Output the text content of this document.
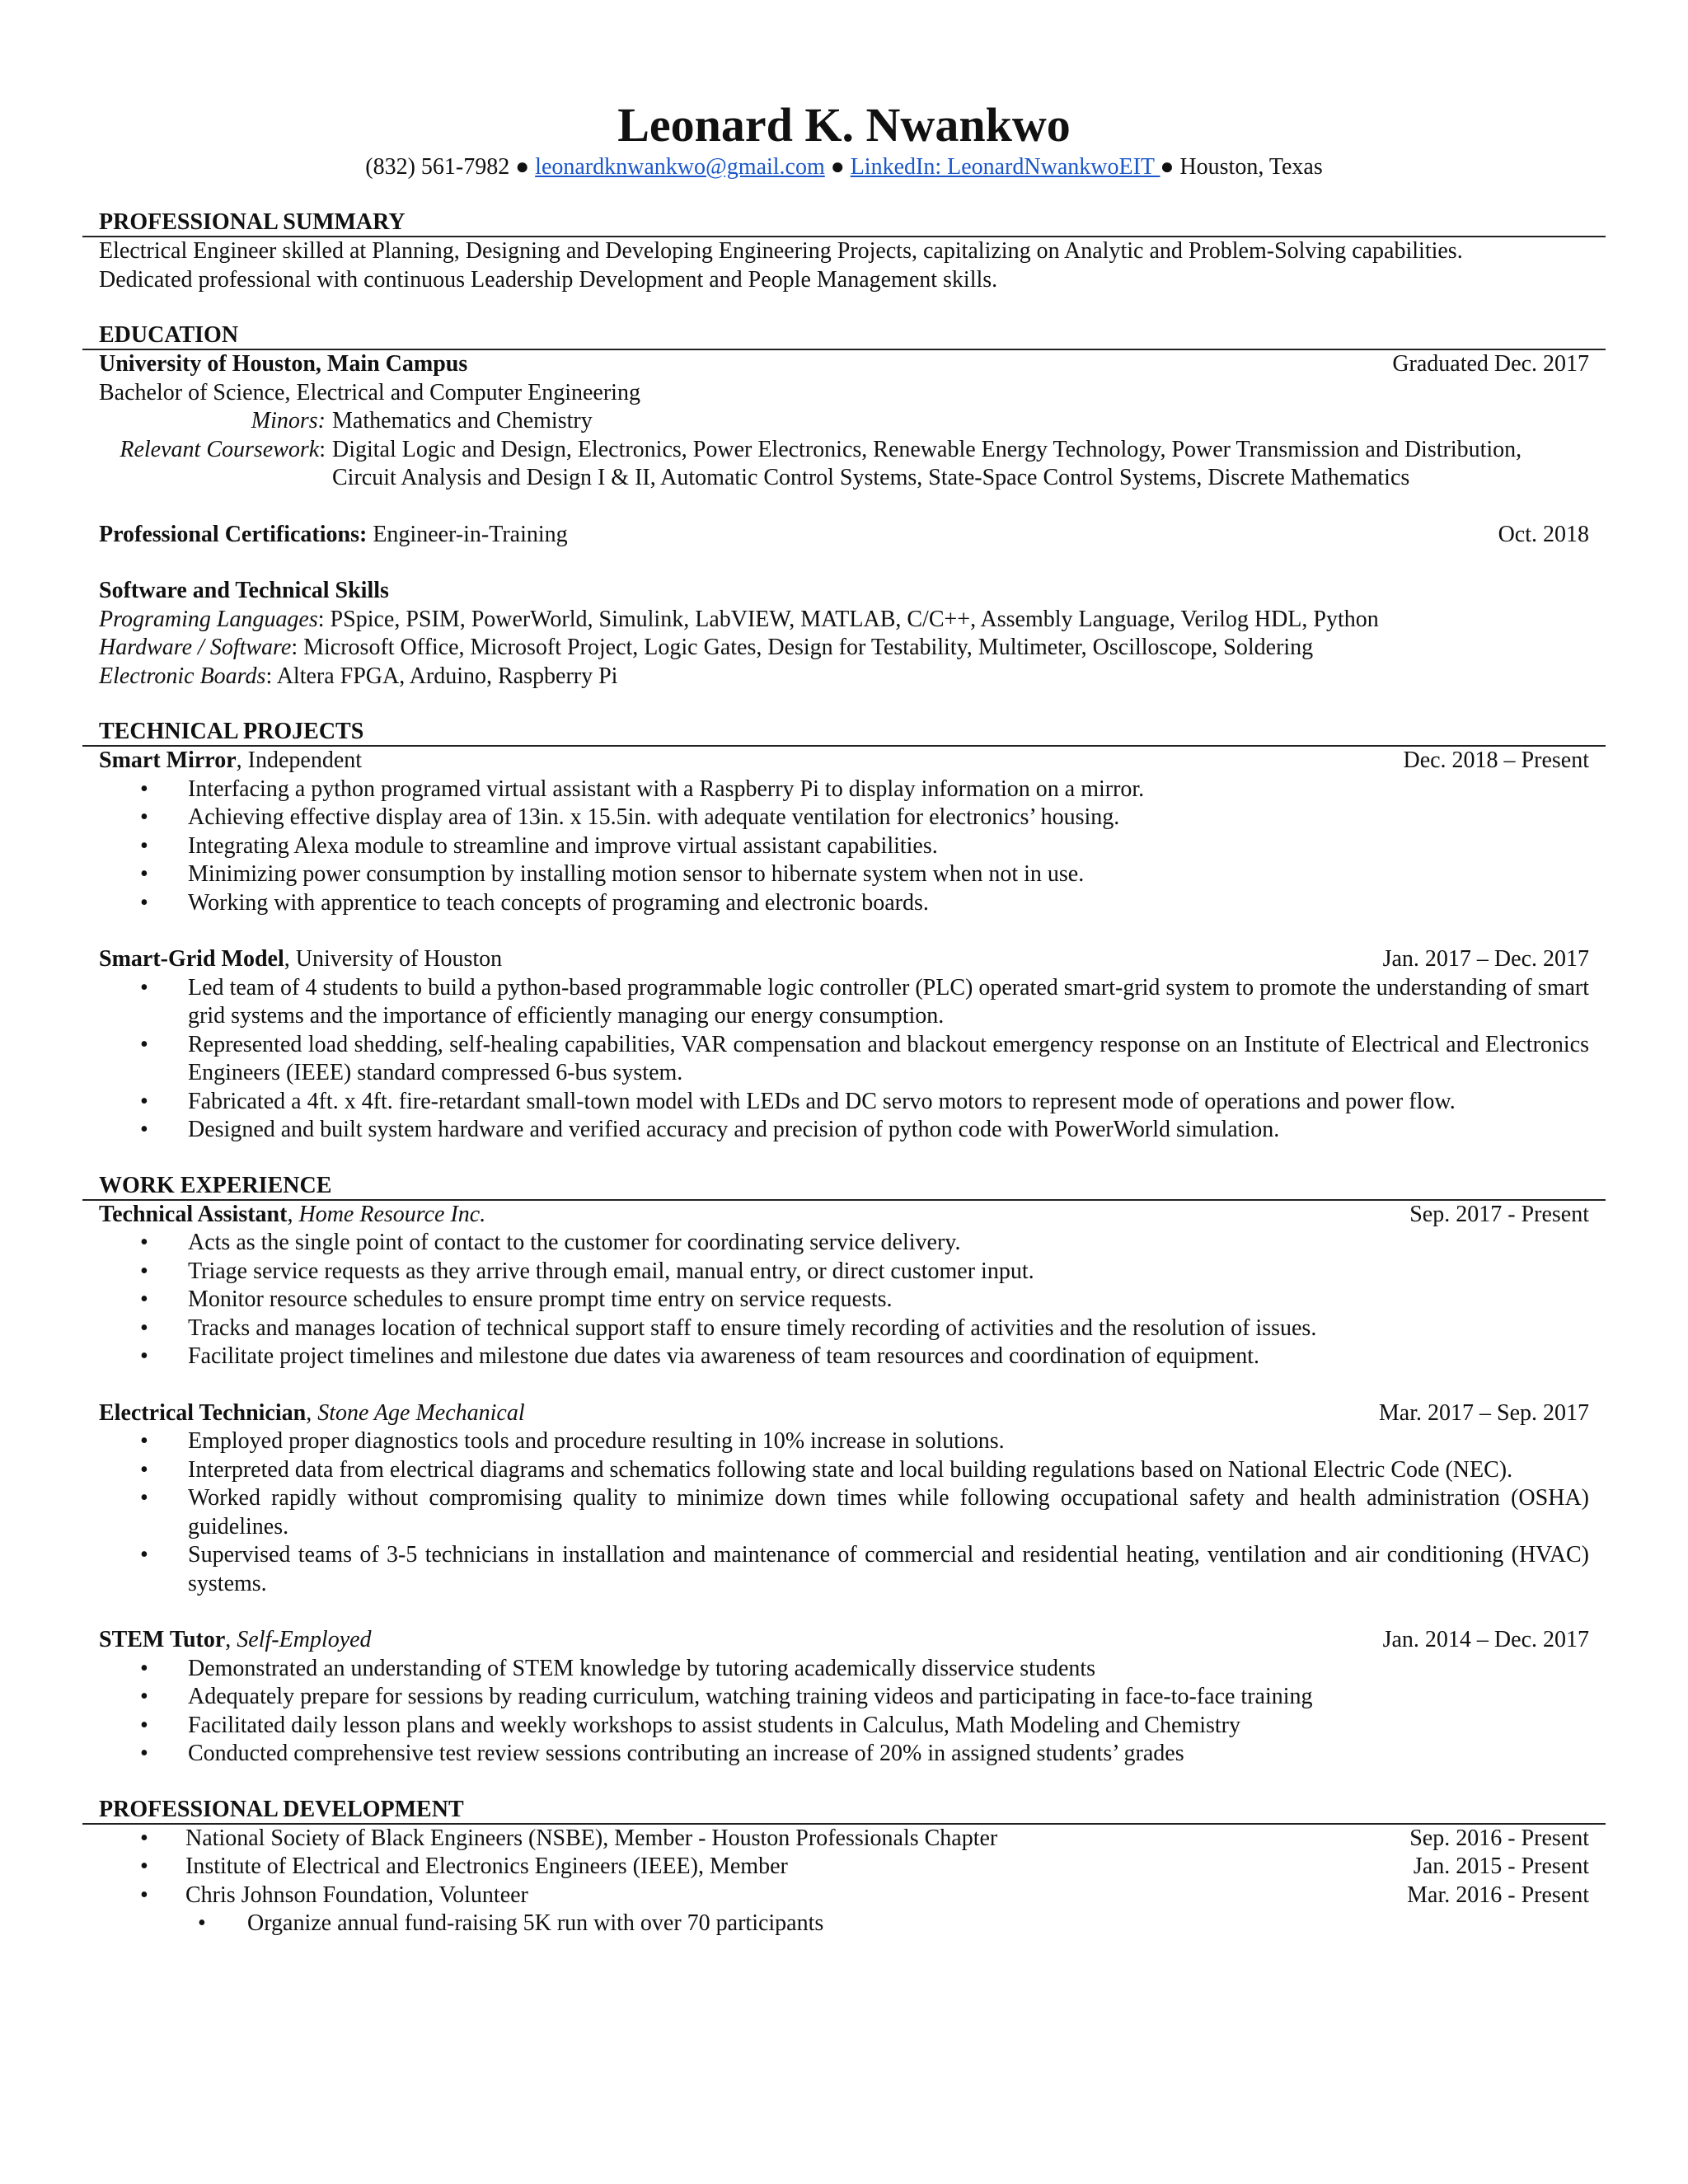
Leonard K. Nwankwo
(832) 561-7982 ● leonardknwankwo@gmail.com ● LinkedIn: LeonardNwankwoEIT ● Houston, Texas
PROFESSIONAL SUMMARY
Electrical Engineer skilled at Planning, Designing and Developing Engineering Projects, capitalizing on Analytic and Problem-Solving capabilities.
Dedicated professional with continuous Leadership Development and People Management skills.
EDUCATION
University of Houston, Main Campus	Graduated Dec. 2017
Bachelor of Science, Electrical and Computer Engineering
Minors: Mathematics and Chemistry
Relevant Coursework: Digital Logic and Design, Electronics, Power Electronics, Renewable Energy Technology, Power Transmission and Distribution, Circuit Analysis and Design I & II, Automatic Control Systems, State-Space Control Systems, Discrete Mathematics
Professional Certifications: Engineer-in-Training	Oct. 2018
Software and Technical Skills
Programing Languages: PSpice, PSIM, PowerWorld, Simulink, LabVIEW, MATLAB, C/C++, Assembly Language, Verilog HDL, Python
Hardware / Software: Microsoft Office, Microsoft Project, Logic Gates, Design for Testability, Multimeter, Oscilloscope, Soldering
Electronic Boards: Altera FPGA, Arduino, Raspberry Pi
TECHNICAL PROJECTS
Smart Mirror, Independent	Dec. 2018 – Present
• Interfacing a python programed virtual assistant with a Raspberry Pi to display information on a mirror.
• Achieving effective display area of 13in. x 15.5in. with adequate ventilation for electronics’ housing.
• Integrating Alexa module to streamline and improve virtual assistant capabilities.
• Minimizing power consumption by installing motion sensor to hibernate system when not in use.
• Working with apprentice to teach concepts of programing and electronic boards.
Smart-Grid Model, University of Houston	Jan. 2017 – Dec. 2017
• Led team of 4 students to build a python-based programmable logic controller (PLC) operated smart-grid system to promote the understanding of smart grid systems and the importance of efficiently managing our energy consumption.
• Represented load shedding, self-healing capabilities, VAR compensation and blackout emergency response on an Institute of Electrical and Electronics Engineers (IEEE) standard compressed 6-bus system.
• Fabricated a 4ft. x 4ft. fire-retardant small-town model with LEDs and DC servo motors to represent mode of operations and power flow.
• Designed and built system hardware and verified accuracy and precision of python code with PowerWorld simulation.
WORK EXPERIENCE
Technical Assistant, Home Resource Inc.	Sep. 2017 - Present
• Acts as the single point of contact to the customer for coordinating service delivery.
• Triage service requests as they arrive through email, manual entry, or direct customer input.
• Monitor resource schedules to ensure prompt time entry on service requests.
• Tracks and manages location of technical support staff to ensure timely recording of activities and the resolution of issues.
• Facilitate project timelines and milestone due dates via awareness of team resources and coordination of equipment.
Electrical Technician, Stone Age Mechanical	Mar. 2017 – Sep. 2017
• Employed proper diagnostics tools and procedure resulting in 10% increase in solutions.
• Interpreted data from electrical diagrams and schematics following state and local building regulations based on National Electric Code (NEC).
• Worked rapidly without compromising quality to minimize down times while following occupational safety and health administration (OSHA) guidelines.
• Supervised teams of 3-5 technicians in installation and maintenance of commercial and residential heating, ventilation and air conditioning (HVAC) systems.
STEM Tutor, Self-Employed	Jan. 2014 – Dec. 2017
• Demonstrated an understanding of STEM knowledge by tutoring academically disservice students
• Adequately prepare for sessions by reading curriculum, watching training videos and participating in face-to-face training
• Facilitated daily lesson plans and weekly workshops to assist students in Calculus, Math Modeling and Chemistry
• Conducted comprehensive test review sessions contributing an increase of 20% in assigned students’ grades
PROFESSIONAL DEVELOPMENT
• National Society of Black Engineers (NSBE), Member - Houston Professionals Chapter	Sep. 2016 - Present
• Institute of Electrical and Electronics Engineers (IEEE), Member	Jan. 2015 - Present
• Chris Johnson Foundation, Volunteer	Mar. 2016 - Present
• Organize annual fund-raising 5K run with over 70 participants
